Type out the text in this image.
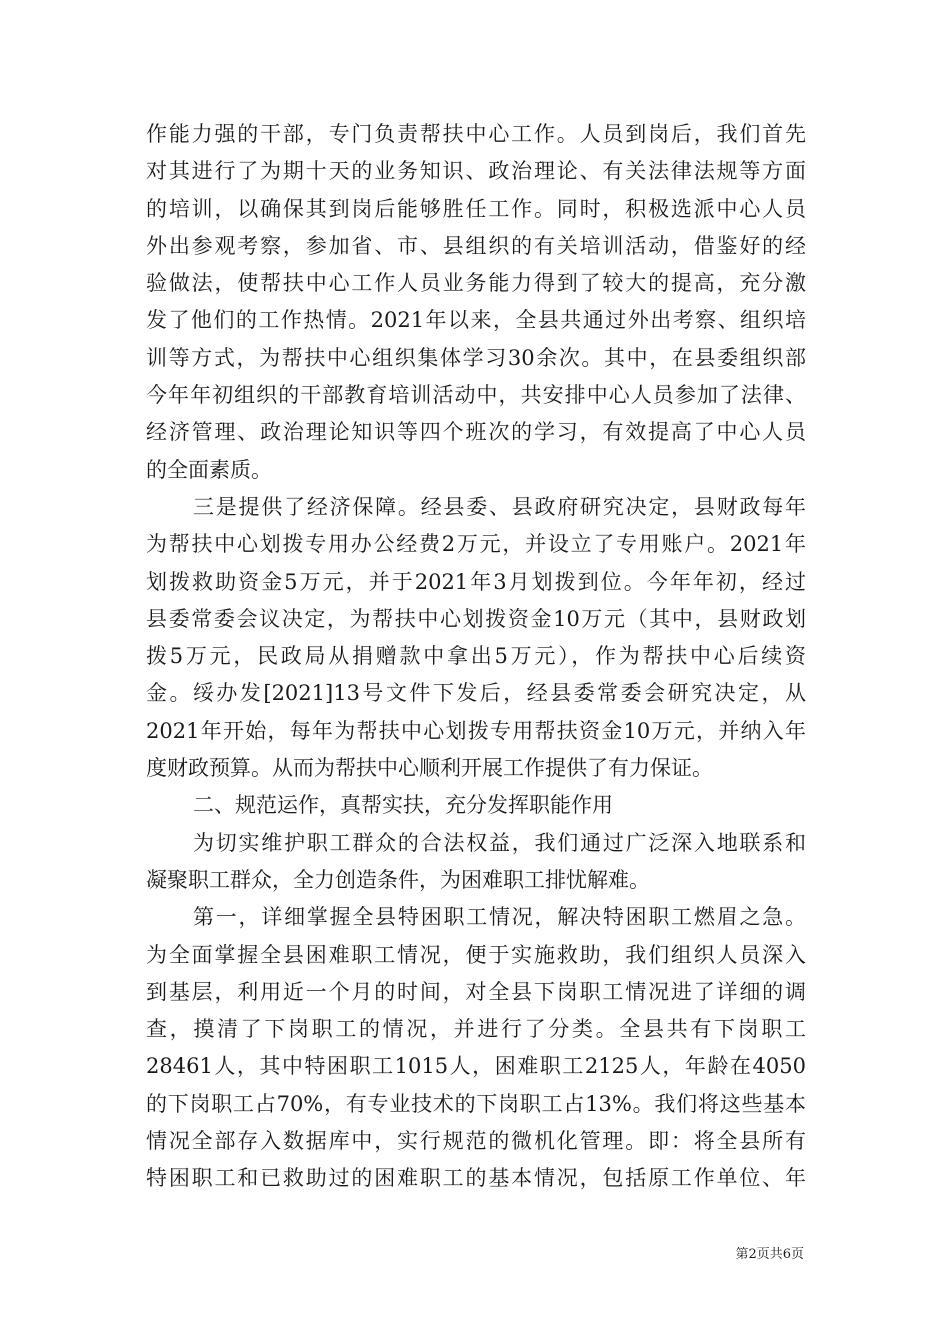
作能力强的干部，专门负责帮扶中心工作。人员到岗后，我们首先
对其进行了为期十天的业务知识、政治理论、有关法律法规等方面
的培训，以确保其到岗后能够胜任工作。同时，积极选派中心人员
外出参观考察，参加省、市、县组织的有关培训活动，借鉴好的经
验做法，使帮扶中心工作人员业务能力得到了较大的提高，充分激
发了他们的工作热情。2021年以来，全县共通过外出考察、组织培
训等方式，为帮扶中心组织集体学习30余次。其中，在县委组织部
今年年初组织的干部教育培训活动中，共安排中心人员参加了法律、
经济管理、政治理论知识等四个班次的学习，有效提高了中心人员
的全面素质。
三是提供了经济保障。经县委、县政府研究决定，县财政每年
为帮扶中心划拨专用办公经费2万元，并设立了专用账户。2021年
划拨救助资金5万元，并于2021年3月划拨到位。今年年初，经过
县委常委会议决定，为帮扶中心划拨资金10万元（其中，县财政划
拨5万元，民政局从捐赠款中拿出5万元），作为帮扶中心后续资
金。绥办发[2021]13号文件下发后，经县委常委会研究决定，从
2021年开始，每年为帮扶中心划拨专用帮扶资金10万元，并纳入年
度财政预算。从而为帮扶中心顺利开展工作提供了有力保证。
二、规范运作，真帮实扶，充分发挥职能作用
为切实维护职工群众的合法权益，我们通过广泛深入地联系和
凝聚职工群众，全力创造条件，为困难职工排忧解难。
第一，详细掌握全县特困职工情况，解决特困职工燃眉之急。
为全面掌握全县困难职工情况，便于实施救助，我们组织人员深入
到基层，利用近一个月的时间，对全县下岗职工情况进了详细的调
查，摸清了下岗职工的情况，并进行了分类。全县共有下岗职工
28461人，其中特困职工1015人，困难职工2125人，年龄在4050
的下岗职工占70%，有专业技术的下岗职工占13%。我们将这些基本
情况全部存入数据库中，实行规范的微机化管理。即：将全县所有
特困职工和已救助过的困难职工的基本情况，包括原工作单位、年
第2页共6页
